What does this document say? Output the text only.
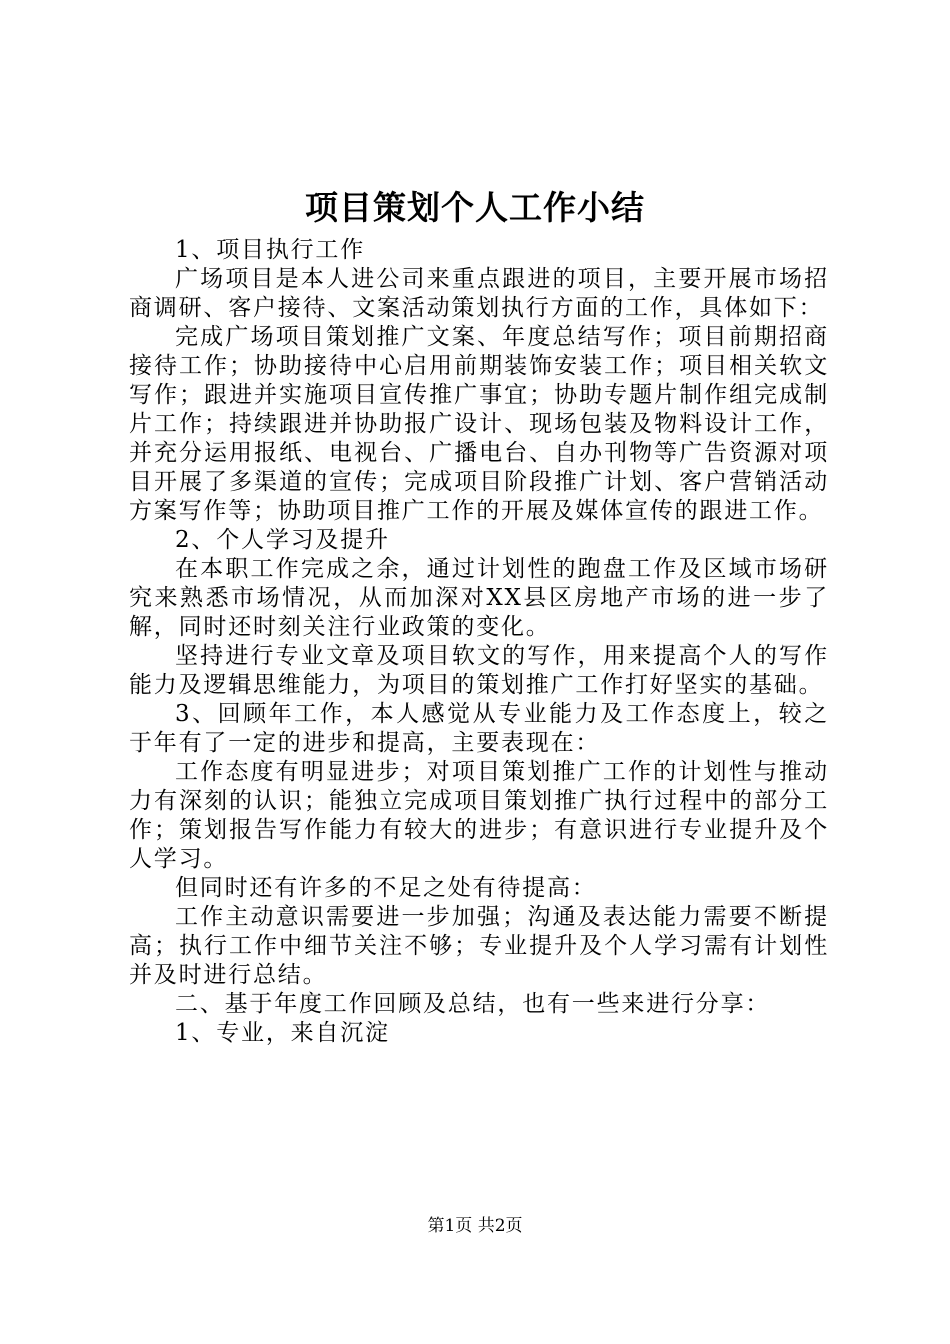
项目策划个人工作小结

1、项目执行工作

广场项目是本人进公司来重点跟进的项目，主要开展市场招商调研、客户接待、文案活动策划执行方面的工作，具体如下：

完成广场项目策划推广文案、年度总结写作；项目前期招商接待工作；协助接待中心启用前期装饰安装工作；项目相关软文写作；跟进并实施项目宣传推广事宜；协助专题片制作组完成制片工作；持续跟进并协助报广设计、现场包装及物料设计工作，并充分运用报纸、电视台、广播电台、自办刊物等广告资源对项目开展了多渠道的宣传；完成项目阶段推广计划、客户营销活动方案写作等；协助项目推广工作的开展及媒体宣传的跟进工作。

2、个人学习及提升

在本职工作完成之余，通过计划性的跑盘工作及区域市场研究来熟悉市场情况，从而加深对XX县区房地产市场的进一步了解，同时还时刻关注行业政策的变化。

坚持进行专业文章及项目软文的写作，用来提高个人的写作能力及逻辑思维能力，为项目的策划推广工作打好坚实的基础。

3、回顾年工作，本人感觉从专业能力及工作态度上，较之于年有了一定的进步和提高，主要表现在：

工作态度有明显进步；对项目策划推广工作的计划性与推动力有深刻的认识；能独立完成项目策划推广执行过程中的部分工作；策划报告写作能力有较大的进步；有意识进行专业提升及个人学习。

但同时还有许多的不足之处有待提高：

工作主动意识需要进一步加强；沟通及表达能力需要不断提高；执行工作中细节关注不够；专业提升及个人学习需有计划性并及时进行总结。

二、基于年度工作回顾及总结，也有一些来进行分享：

1、专业，来自沉淀

第1页 共2页
